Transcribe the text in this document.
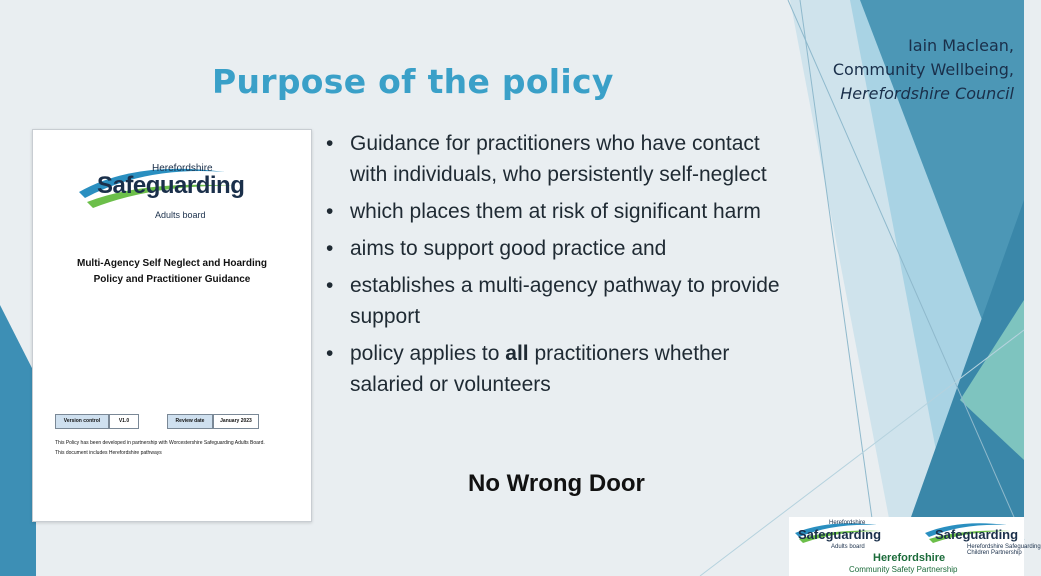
Purpose of the policy
Iain Maclean,
Community Wellbeing,
Herefordshire Council
Herefordshire
Safeguarding
Adults board
Multi-Agency Self Neglect and Hoarding
Policy and Practitioner Guidance
Version control	V1.0	Review date	January 2023
This Policy has been developed in partnership with Worcestershire Safeguarding Adults Board.
This document includes Herefordshire pathways
• Guidance for practitioners who have contact with individuals, who persistently self-neglect
• which places them at risk of significant harm
• aims to support good practice and
• establishes a multi-agency pathway to provide support
• policy applies to all practitioners whether salaried or volunteers
No Wrong Door
Herefordshire
Safeguarding
Adults board
Safeguarding
Herefordshire Safeguarding
Children Partnership
Herefordshire
Community Safety Partnership
